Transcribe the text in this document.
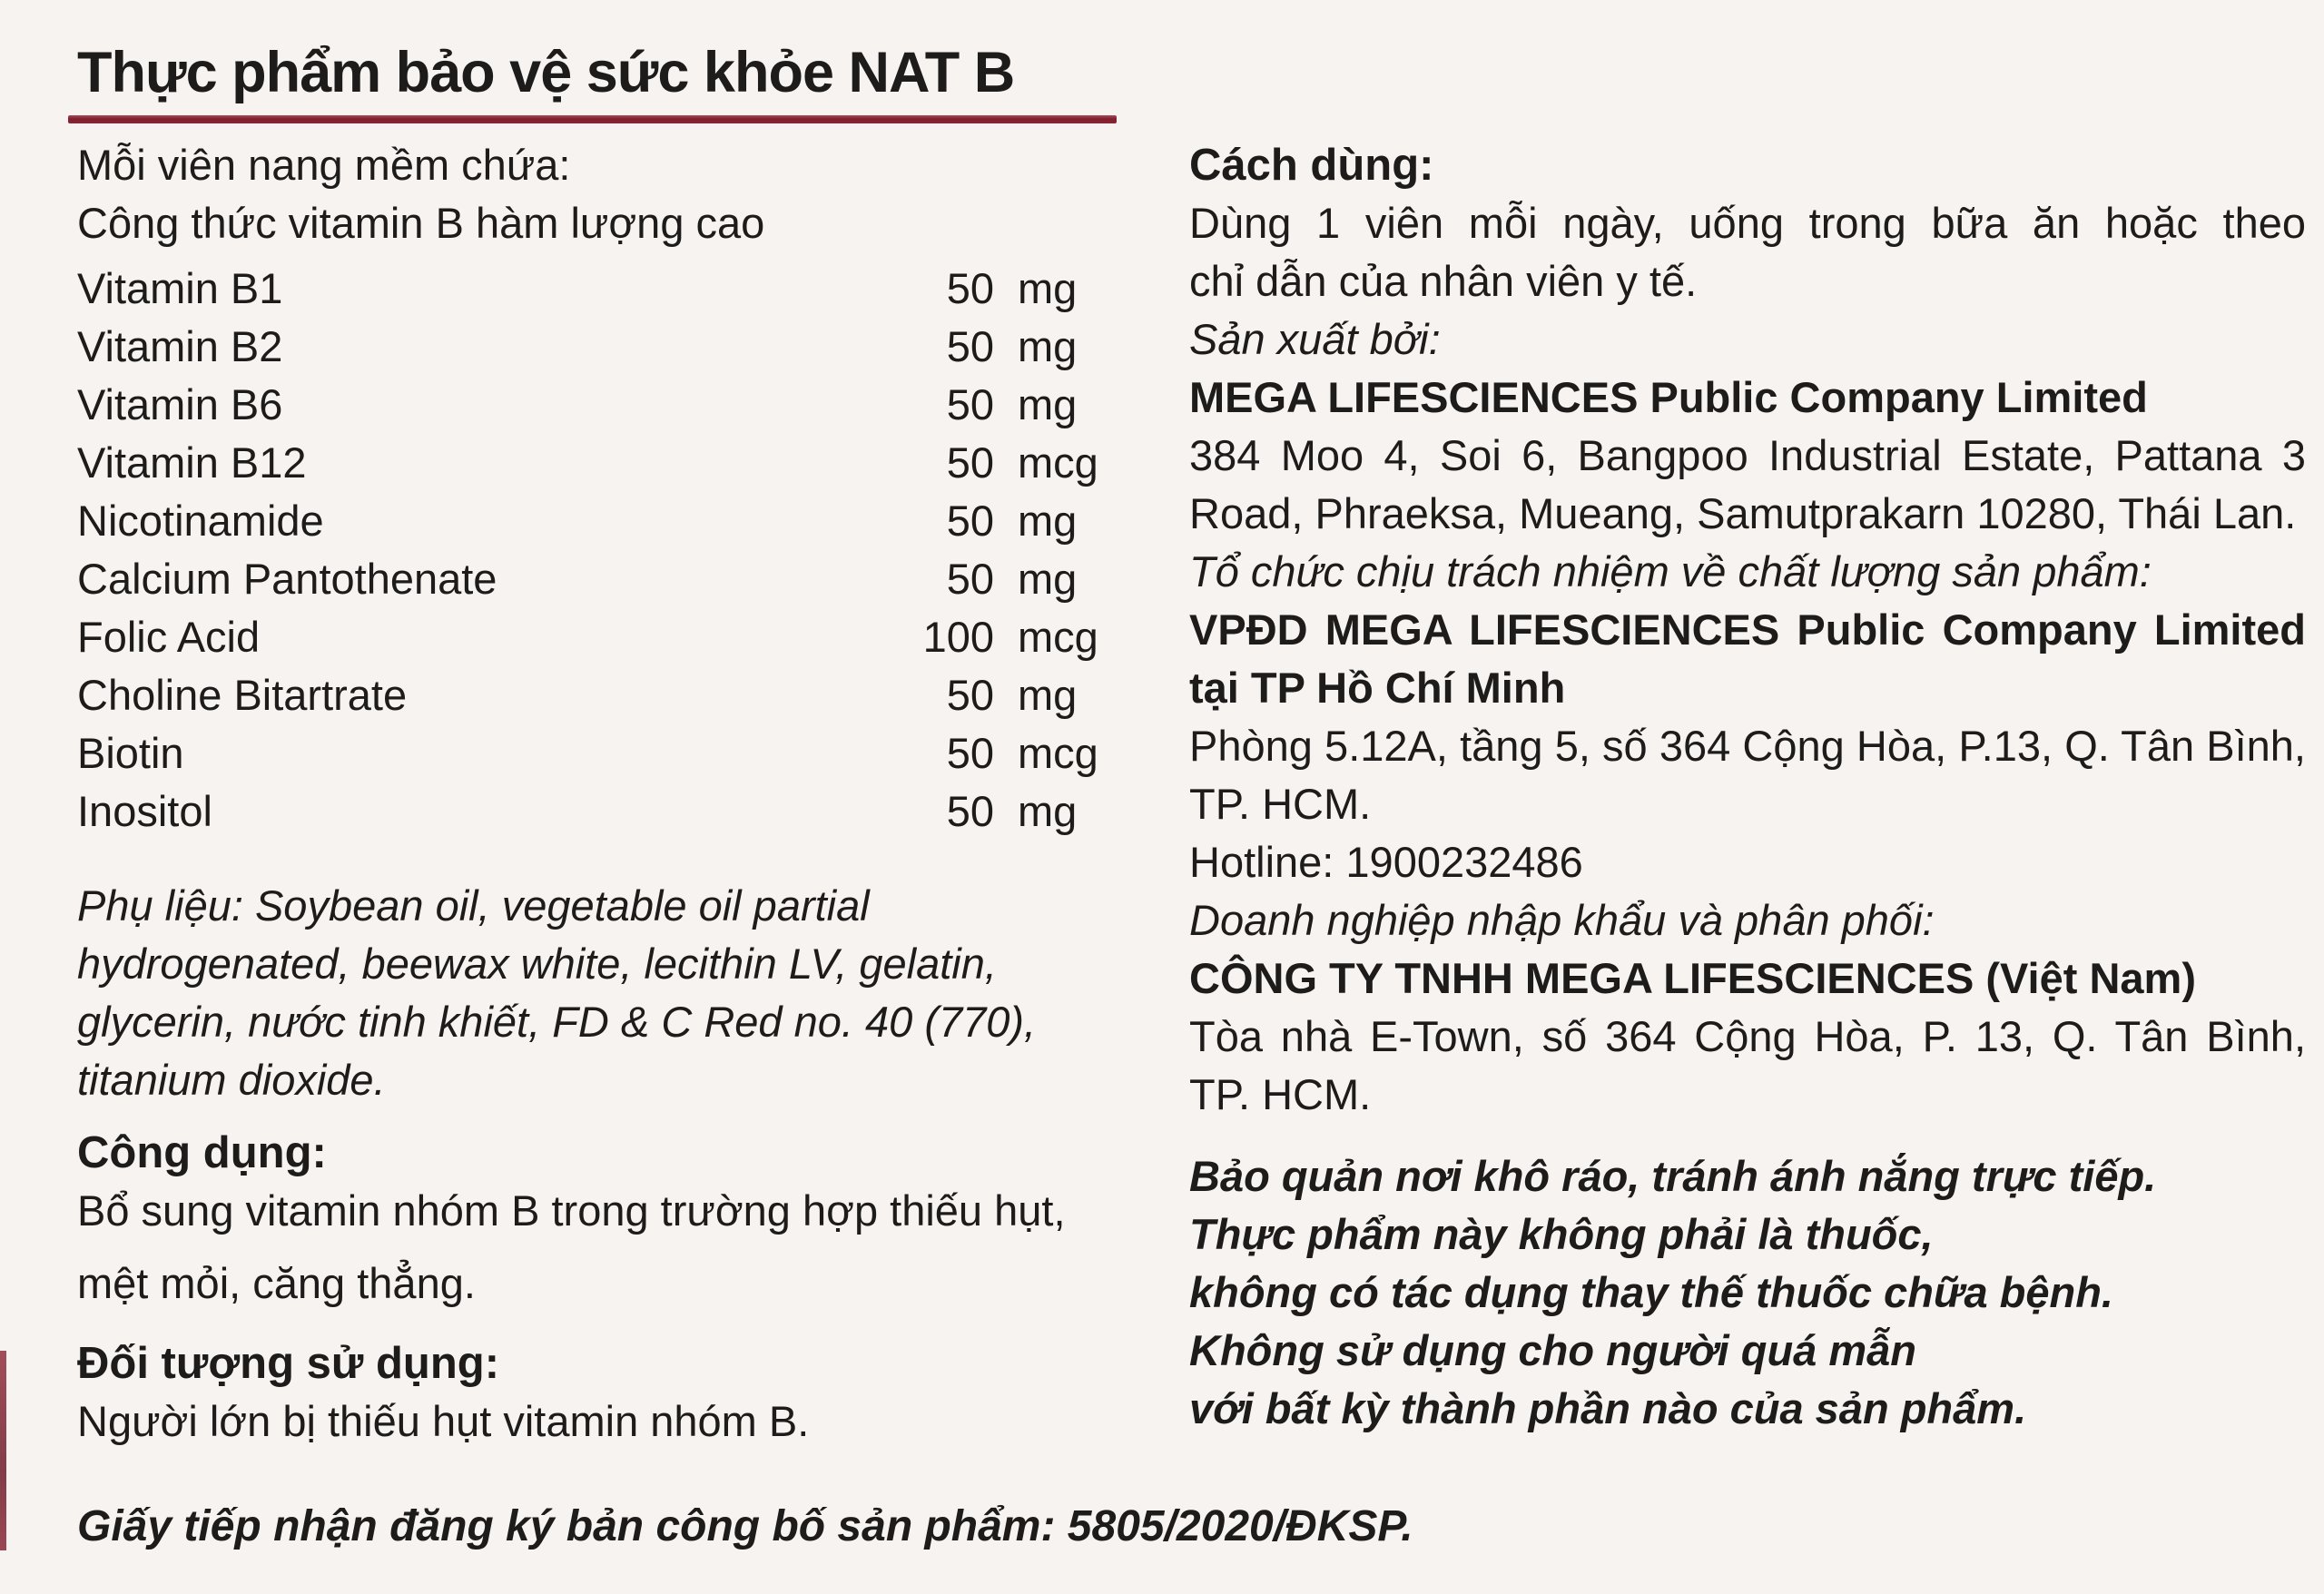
Thực phẩm bảo vệ sức khỏe NAT B
Mỗi viên nang mềm chứa:
Công thức vitamin B hàm lượng cao
Vitamin B1	50 mg
Vitamin B2	50 mg
Vitamin B6	50 mg
Vitamin B12	50 mcg
Nicotinamide	50 mg
Calcium Pantothenate	50 mg
Folic Acid	100 mcg
Choline Bitartrate	50 mg
Biotin	50 mcg
Inositol	50 mg
Phụ liệu: Soybean oil, vegetable oil partial
hydrogenated, beewax white, lecithin LV, gelatin,
glycerin, nước tinh khiết, FD & C Red no. 40 (770),
titanium dioxide.
Công dụng:
Bổ sung vitamin nhóm B trong trường hợp thiếu hụt,
mệt mỏi, căng thẳng.
Đối tượng sử dụng:
Người lớn bị thiếu hụt vitamin nhóm B.
Cách dùng:
Dùng 1 viên mỗi ngày, uống trong bữa ăn hoặc theo
chỉ dẫn của nhân viên y tế.
Sản xuất bởi:
MEGA LIFESCIENCES Public Company Limited
384 Moo 4, Soi 6, Bangpoo Industrial Estate, Pattana 3
Road, Phraeksa, Mueang, Samutprakarn 10280, Thái Lan.
Tổ chức chịu trách nhiệm về chất lượng sản phẩm:
VPĐD MEGA LIFESCIENCES Public Company Limited
tại TP Hồ Chí Minh
Phòng 5.12A, tầng 5, số 364 Cộng Hòa, P.13, Q. Tân Bình,
TP. HCM.
Hotline: 1900232486
Doanh nghiệp nhập khẩu và phân phối:
CÔNG TY TNHH MEGA LIFESCIENCES (Việt Nam)
Tòa nhà E-Town, số 364 Cộng Hòa, P. 13, Q. Tân Bình,
TP. HCM.
Bảo quản nơi khô ráo, tránh ánh nắng trực tiếp.
Thực phẩm này không phải là thuốc,
không có tác dụng thay thế thuốc chữa bệnh.
Không sử dụng cho người quá mẫn
với bất kỳ thành phần nào của sản phẩm.
Giấy tiếp nhận đăng ký bản công bố sản phẩm: 5805/2020/ĐKSP.
